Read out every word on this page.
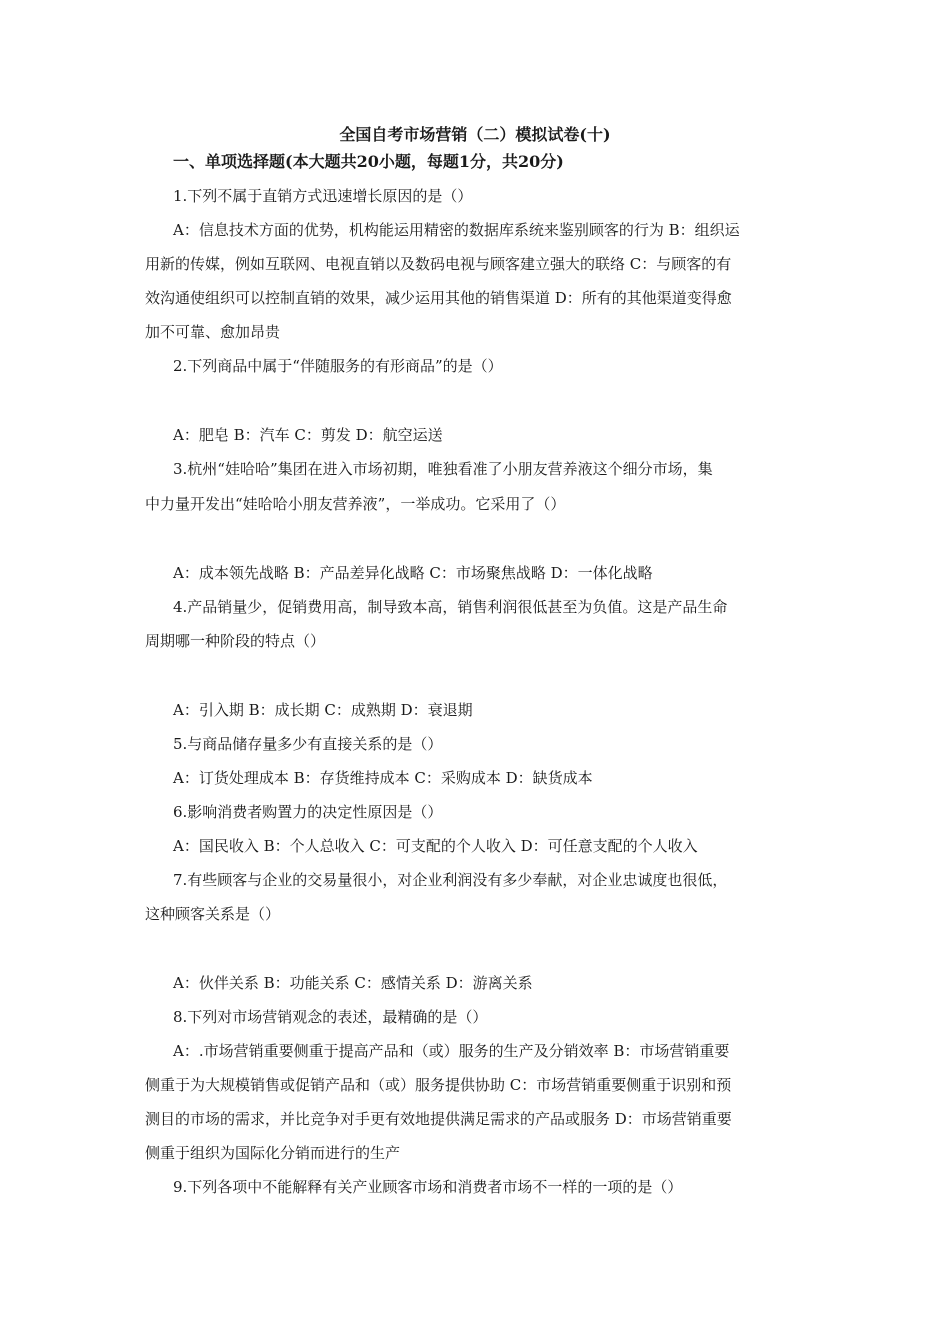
全国自考市场营销（二）模拟试卷(十)
一、单项选择题(本大题共20小题，每题1分，共20分)
1.下列不属于直销方式迅速增长原因的是（）
A：信息技术方面的优势，机构能运用精密的数据库系统来鉴别顾客的行为 B：组织运
用新的传媒，例如互联网、电视直销以及数码电视与顾客建立强大的联络 C：与顾客的有
效沟通使组织可以控制直销的效果，减少运用其他的销售渠道 D：所有的其他渠道变得愈
加不可靠、愈加昂贵
2.下列商品中属于“伴随服务的有形商品”的是（）
A：肥皂 B：汽车 C：剪发 D：航空运送
3.杭州“娃哈哈”集团在进入市场初期，唯独看准了小朋友营养液这个细分市场，集
中力量开发出“娃哈哈小朋友营养液”，一举成功。它采用了（）
A：成本领先战略 B：产品差异化战略 C：市场聚焦战略 D：一体化战略
4.产品销量少，促销费用高，制导致本高，销售利润很低甚至为负值。这是产品生命
周期哪一种阶段的特点（）
A：引入期 B：成长期 C：成熟期 D：衰退期
5.与商品储存量多少有直接关系的是（）
A：订货处理成本 B：存货维持成本 C：采购成本 D：缺货成本
6.影响消费者购置力的决定性原因是（）
A：国民收入 B：个人总收入 C：可支配的个人收入 D：可任意支配的个人收入
7.有些顾客与企业的交易量很小，对企业利润没有多少奉献，对企业忠诚度也很低，
这种顾客关系是（）
A：伙伴关系 B：功能关系 C：感情关系 D：游离关系
8.下列对市场营销观念的表述，最精确的是（）
A：.市场营销重要侧重于提高产品和（或）服务的生产及分销效率 B：市场营销重要
侧重于为大规模销售或促销产品和（或）服务提供协助 C：市场营销重要侧重于识别和预
测目的市场的需求，并比竞争对手更有效地提供满足需求的产品或服务 D：市场营销重要
侧重于组织为国际化分销而进行的生产
9.下列各项中不能解释有关产业顾客市场和消费者市场不一样的一项的是（）
